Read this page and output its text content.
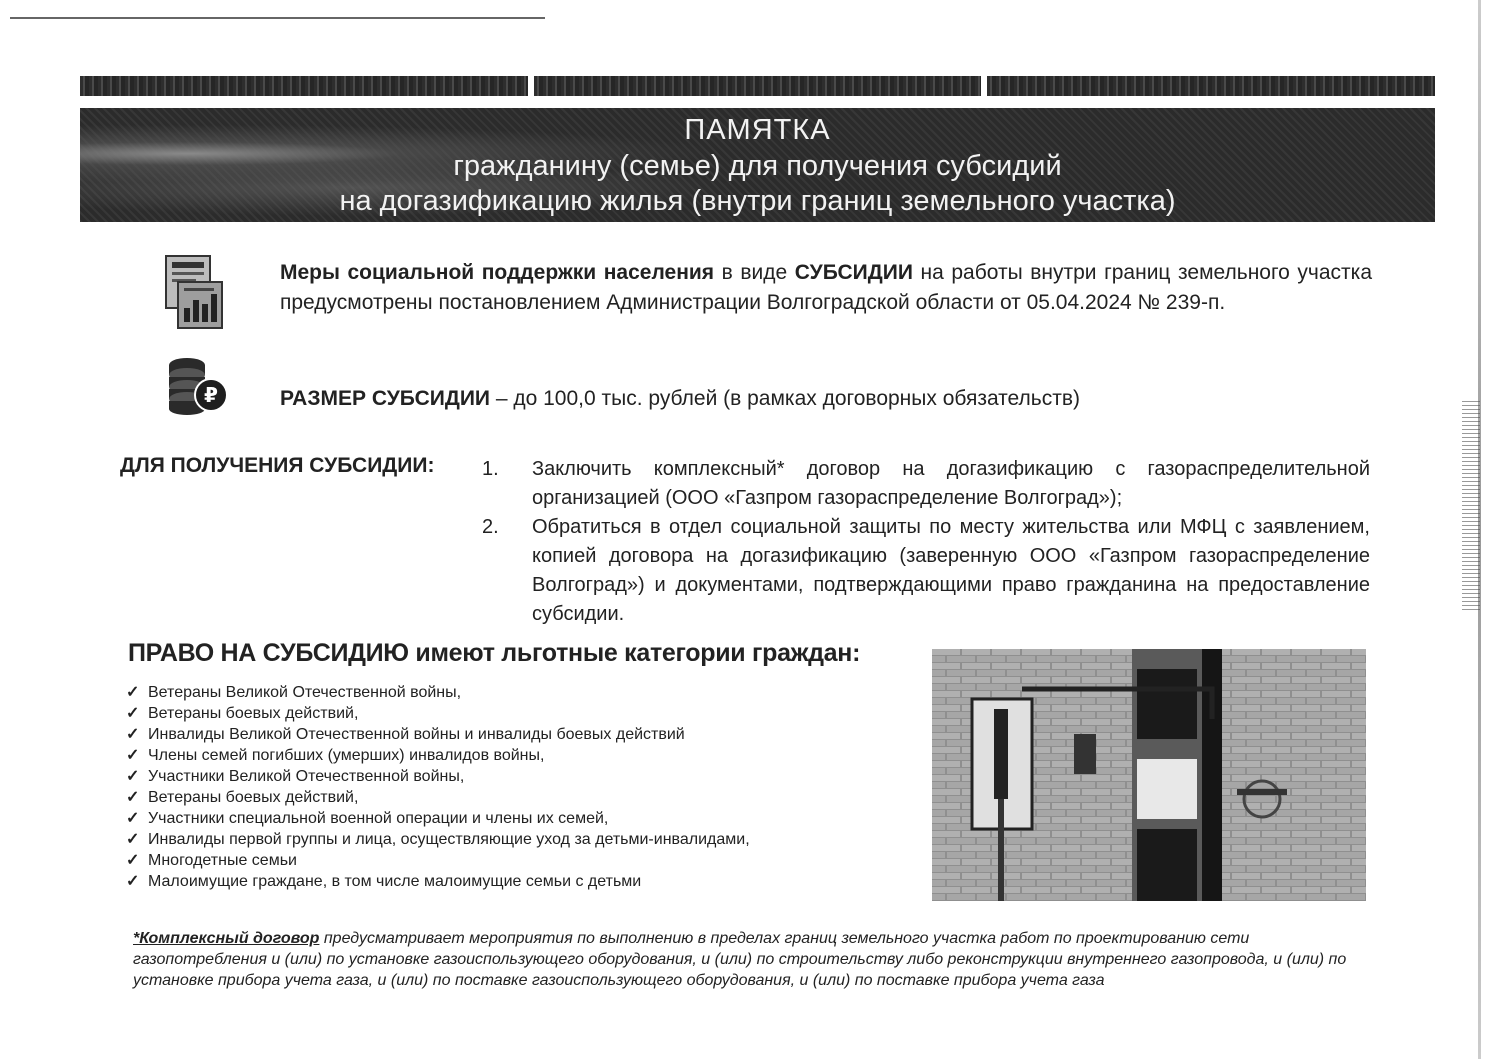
ПАМЯТКА
гражданину (семье) для получения субсидий
на догазификацию жилья (внутри границ земельного участка)
₽
Меры социальной поддержки населения в виде СУБСИДИИ на работы внутри границ земельного участка предусмотрены постановлением Администрации Волгоградской области от 05.04.2024 № 239-п.
РАЗМЕР СУБСИДИИ – до 100,0 тыс. рублей (в рамках договорных обязательств)
ДЛЯ ПОЛУЧЕНИЯ СУБСИДИИ: 1.	Заключить комплексный* договор на догазификацию с газораспределительной организацией (ООО «Газпром газораспределение Волгоград»);
2.	Обратиться в отдел социальной защиты по месту жительства или МФЦ с заявлением, копией договора на догазификацию (заверенную ООО «Газпром газораспределение Волгоград») и документами, подтверждающими право гражданина на предоставление субсидии.
ПРАВО НА СУБСИДИЮ имеют льготные категории граждан:
✓ Ветераны Великой Отечественной войны,
✓ Ветераны боевых действий,
✓ Инвалиды Великой Отечественной войны и инвалиды боевых действий
✓ Члены семей погибших (умерших) инвалидов войны,
✓ Участники Великой Отечественной войны,
✓ Ветераны боевых действий,
✓ Участники специальной военной операции и члены их семей,
✓ Инвалиды первой группы и лица, осуществляющие уход за детьми-инвалидами,
✓ Многодетные семьи
✓ Малоимущие граждане, в том числе малоимущие семьи с детьми
*Комплексный договор предусматривает мероприятия по выполнению в пределах границ земельного участка работ по проектированию сети газопотребления и (или) по установке газоиспользующего оборудования, и (или) по строительству либо реконструкции внутреннего газопровода, и (или) по установке прибора учета газа, и (или) по поставке газоиспользующего оборудования, и (или) по поставке прибора учета газа
